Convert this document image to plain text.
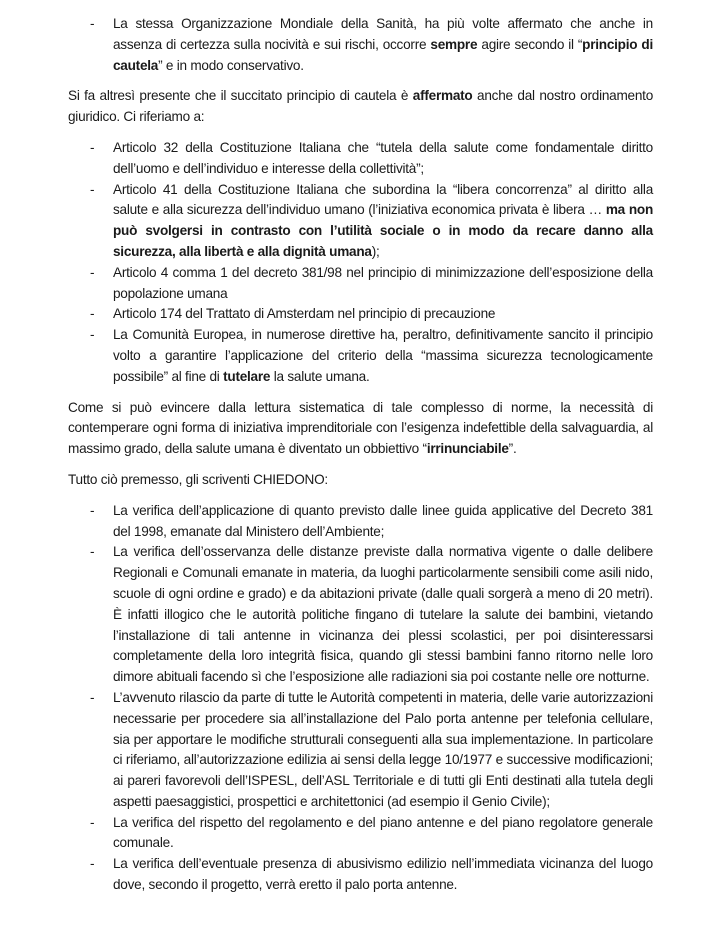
- La stessa Organizzazione Mondiale della Sanità, ha più volte affermato che anche in assenza di certezza sulla nocività e sui rischi, occorre sempre agire secondo il “principio di cautela” e in modo conservativo.

Si fa altresì presente che il succitato principio di cautela è affermato anche dal nostro ordinamento giuridico. Ci riferiamo a:

- Articolo 32 della Costituzione Italiana che “tutela della salute come fondamentale diritto dell’uomo e dell’individuo e interesse della collettività”;
- Articolo 41 della Costituzione Italiana che subordina la “libera concorrenza” al diritto alla salute e alla sicurezza dell’individuo umano (l’iniziativa economica privata è libera … ma non può svolgersi in contrasto con l’utilità sociale o in modo da recare danno alla sicurezza, alla libertà e alla dignità umana);
- Articolo 4 comma 1 del decreto 381/98 nel principio di minimizzazione dell’esposizione della popolazione umana
- Articolo 174 del Trattato di Amsterdam nel principio di precauzione
- La Comunità Europea, in numerose direttive ha, peraltro, definitivamente sancito il principio volto a garantire l’applicazione del criterio della “massima sicurezza tecnologicamente possibile” al fine di tutelare la salute umana.

Come si può evincere dalla lettura sistematica di tale complesso di norme, la necessità di contemperare ogni forma di iniziativa imprenditoriale con l’esigenza indefettible della salvaguardia, al massimo grado, della salute umana è diventato un obbiettivo “irrinunciabile”.

Tutto ciò premesso, gli scriventi CHIEDONO:

- La verifica dell’applicazione di quanto previsto dalle linee guida applicative del Decreto 381 del 1998, emanate dal Ministero dell’Ambiente;
- La verifica dell’osservanza delle distanze previste dalla normativa vigente o dalle delibere Regionali e Comunali emanate in materia, da luoghi particolarmente sensibili come asili nido, scuole di ogni ordine e grado) e da abitazioni private (dalle quali sorgerà a meno di 20 metri). È infatti illogico che le autorità politiche fingano di tutelare la salute dei bambini, vietando l’installazione di tali antenne in vicinanza dei plessi scolastici, per poi disinteressarsi completamente della loro integrità fisica, quando gli stessi bambini fanno ritorno nelle loro dimore abituali facendo sì che l’esposizione alle radiazioni sia poi costante nelle ore notturne.
- L’avvenuto rilascio da parte di tutte le Autorità competenti in materia, delle varie autorizzazioni necessarie per procedere sia all’installazione del Palo porta antenne per telefonia cellulare, sia per apportare le modifiche strutturali conseguenti alla sua implementazione. In particolare ci riferiamo, all’autorizzazione edilizia ai sensi della legge 10/1977 e successive modificazioni; ai pareri favorevoli dell’ISPESL, dell’ASL Territoriale e di tutti gli Enti destinati alla tutela degli aspetti paesaggistici, prospettici e architettonici (ad esempio il Genio Civile);
- La verifica del rispetto del regolamento e del piano antenne e del piano regolatore generale comunale.
- La verifica dell’eventuale presenza di abusivismo edilizio nell’immediata vicinanza del luogo dove, secondo il progetto, verrà eretto il palo porta antenne.
